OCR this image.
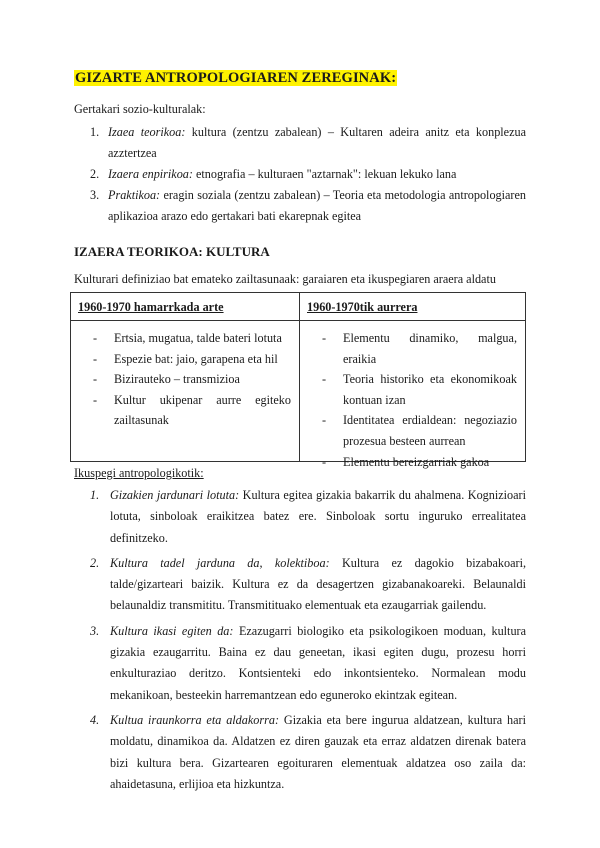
GIZARTE ANTROPOLOGIAREN ZEREGINAK:
Gertakari sozio-kulturalak:
1. Izaea teorikoa: kultura (zentzu zabalean) – Kultaren adeira anitz eta konplezua azztertzea
2. Izaera enpirikoa: etnografia – kulturaen "aztarnak": lekuan lekuko lana
3. Praktikoa: eragin soziala (zentzu zabalean) – Teoria eta metodologia antropologiaren aplikazioa arazo edo gertakari bati ekarepnak egitea
IZAERA TEORIKOA: KULTURA
Kulturari definiziao bat emateko zailtasunaak: garaiaren eta ikuspegiaren araera aldatu
1960-1970 hamarrkada arte
- Ertsia, mugatua, talde bateri lotuta
- Espezie bat: jaio, garapena eta hil
- Bizirauteko – transmizioa
- Kultur ukipenar aurre egiteko zailtasunak
1960-1970tik aurrera
- Elementu dinamiko, malgua, eraikia
- Teoria historiko eta ekonomikoak kontuan izan
- Identitatea erdialdean: negoziazio prozesua besteen aurrean
- Elementu bereizgarriak gakoa
Ikuspegi antropologikotik:
1. Gizakien jardunari lotuta: Kultura egitea gizakia bakarrik du ahalmena. Kognizioari lotuta, sinboloak eraikitzea batez ere. Sinboloak sortu inguruko errealitatea definitzeko.
2. Kultura tadel jarduna da, kolektiboa: Kultura ez dagokio bizabakoari, talde/gizarteari baizik. Kultura ez da desagertzen gizabanakoareki. Belaunaldi belaunaldiz transmititu. Transmitituako elementuak eta ezaugarriak gailendu.
3. Kultura ikasi egiten da: Ezazugarri biologiko eta psikologikoen moduan, kultura gizakia ezaugarritu. Baina ez dau geneetan, ikasi egiten dugu, prozesu horri enkulturaziao deritzo. Kontsienteki edo inkontsienteko. Normalean modu mekanikoan, besteekin harremantzean edo eguneroko ekintzak egitean.
4. Kultua iraunkorra eta aldakorra: Gizakia eta bere ingurua aldatzean, kultura hari moldatu, dinamikoa da. Aldatzen ez diren gauzak eta erraz aldatzen direnak batera bizi kultura bera. Gizartearen egoituraren elementuak aldatzea oso zaila da: ahaidetasuna, erlijioa eta hizkuntza.
